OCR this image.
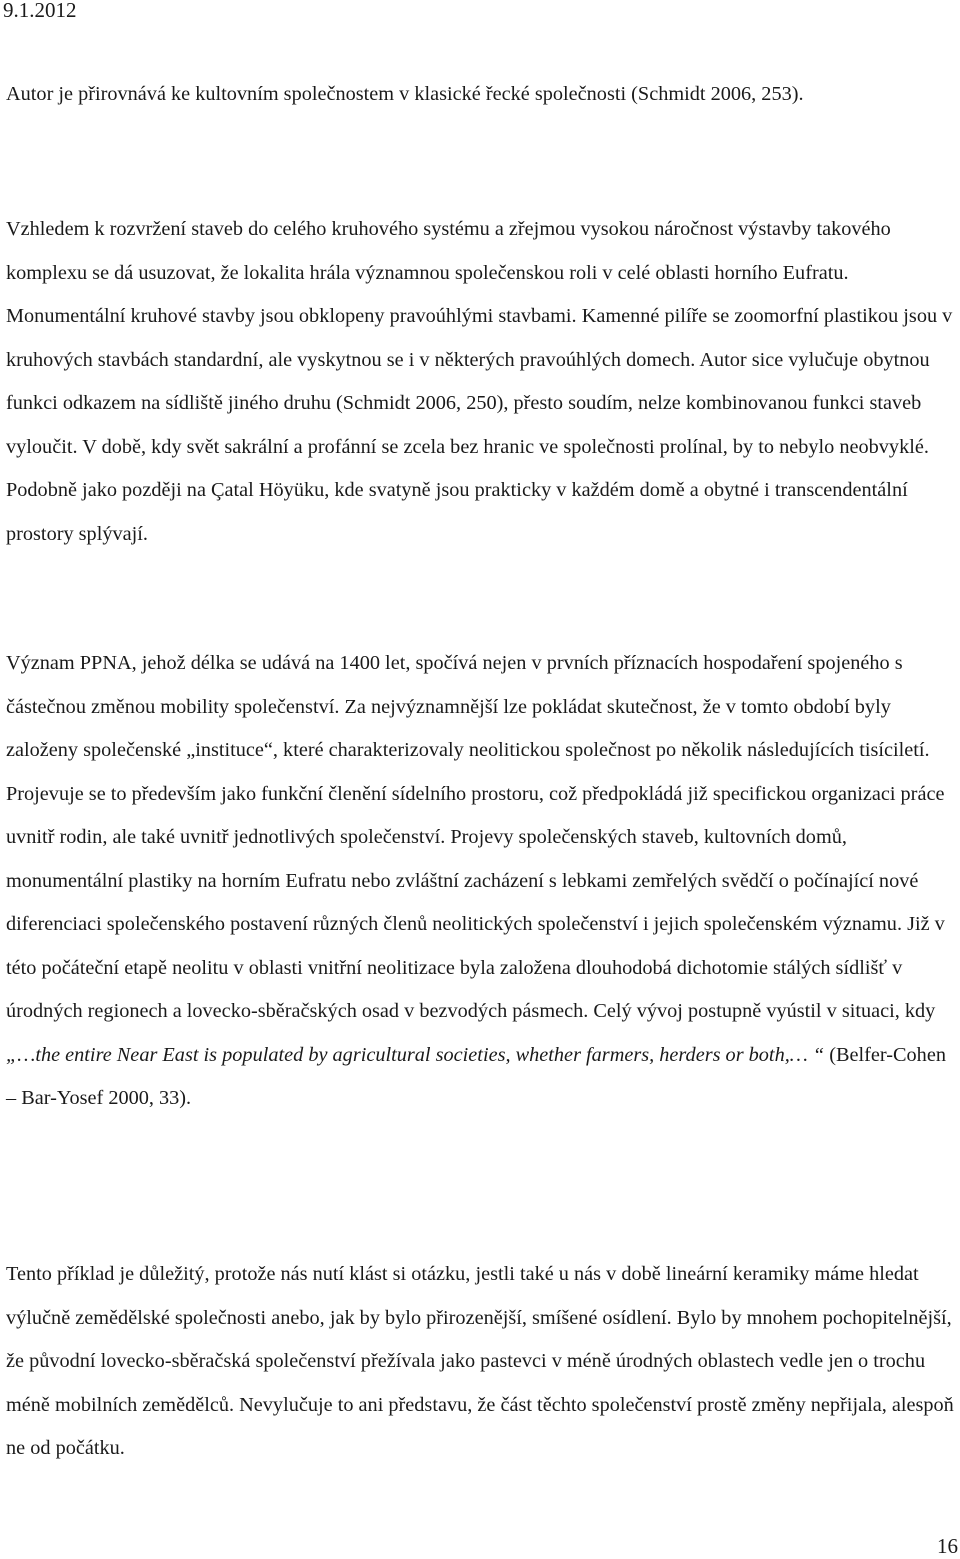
9.1.2012

Autor je přirovnává ke kultovním společnostem v klasické řecké společnosti (Schmidt 2006, 253).

Vzhledem k rozvržení staveb do celého kruhového systému a zřejmou vysokou náročnost výstavby takového komplexu se dá usuzovat, že lokalita hrála významnou společenskou roli v celé oblasti horního Eufratu. Monumentální kruhové stavby jsou obklopeny pravoúhlými stavbami. Kamenné pilíře se zoomorfní plastikou jsou v kruhových stavbách standardní, ale vyskytnou se i v některých pravoúhlých domech. Autor sice vylučuje obytnou funkci odkazem na sídliště jiného druhu (Schmidt 2006, 250), přesto soudím, nelze kombinovanou funkci staveb vyloučit. V době, kdy svět sakrální a profánní se zcela bez hranic ve společnosti prolínal, by to nebylo neobvyklé. Podobně jako později na Çatal Höyüku, kde svatyně jsou prakticky v každém domě a obytné i transcendentální prostory splývají.

Význam PPNA, jehož délka se udává na 1400 let, spočívá nejen v prvních příznacích hospodaření spojeného s částečnou změnou mobility společenství. Za nejvýznamnější lze pokládat skutečnost, že v tomto období byly založeny společenské „instituce“, které charakterizovaly neolitickou společnost po několik následujících tisíciletí. Projevuje se to především jako funkční členění sídelního prostoru, což předpokládá již specifickou organizaci práce uvnitř rodin, ale také uvnitř jednotlivých společenství. Projevy společenských staveb, kultovních domů, monumentální plastiky na horním Eufratu nebo zvláštní zacházení s lebkami zemřelých svědčí o počínající nové diferenciaci společenského postavení různých členů neolitických společenství i jejich společenském významu. Již v této počáteční etapě neolitu v oblasti vnitřní neolitizace byla založena dlouhodobá dichotomie stálých sídlišť v úrodných regionech a lovecko-sběračských osad v bezvodých pásmech. Celý vývoj postupně vyústil v situaci, kdy „…the entire Near East is populated by agricultural societies, whether farmers, herders or both,… “ (Belfer-Cohen – Bar-Yosef 2000, 33).

Tento příklad je důležitý, protože nás nutí klást si otázku, jestli také u nás v době lineární keramiky máme hledat výlučně zemědělské společnosti anebo, jak by bylo přirozenější, smíšené osídlení. Bylo by mnohem pochopitelnější, že původní lovecko-sběračská společenství přežívala jako pastevci v méně úrodných oblastech vedle jen o trochu méně mobilních zemědělců. Nevylučuje to ani představu, že část těchto společenství prostě změny nepřijala, alespoň ne od počátku.

16
